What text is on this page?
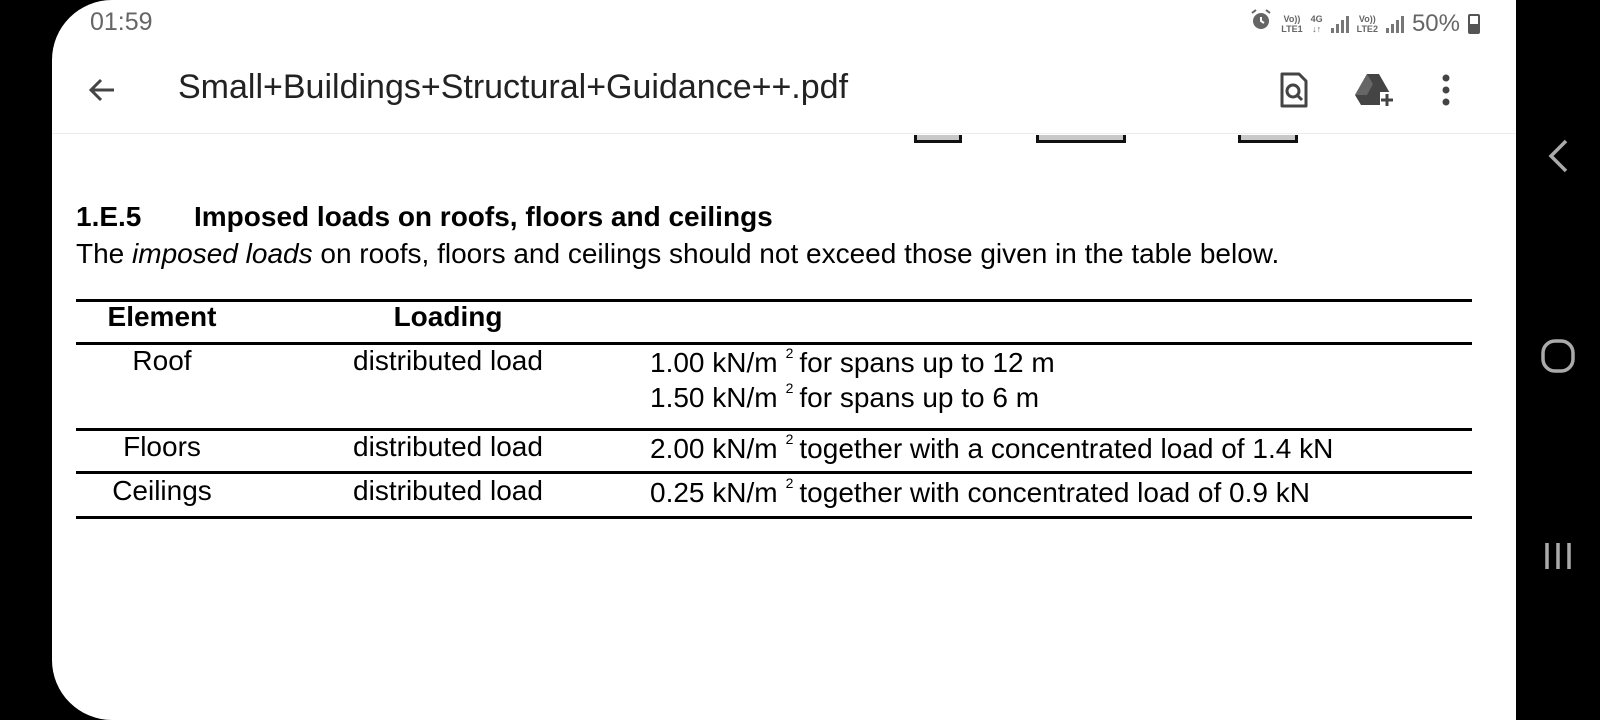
01:59	Vo))
LTE1
4G
↓↑
Vo))
LTE2 50%
Small+Buildings+Structural+Guidance++.pdf
1.E.5 Imposed loads on roofs, floors and ceilings
The imposed loads on roofs, floors and ceilings should not exceed those given in the table below.
Element	Loading
Roof	distributed load	1.00 kN/m $^2$ for spans up to 12 m
1.50 kN/m $^2$ for spans up to 6 m
Floors	distributed load	2.00 kN/m $^2$ together with a concentrated load of 1.4 kN
Ceilings	distributed load	0.25 kN/m $^2$ together with concentrated load of 0.9 kN
